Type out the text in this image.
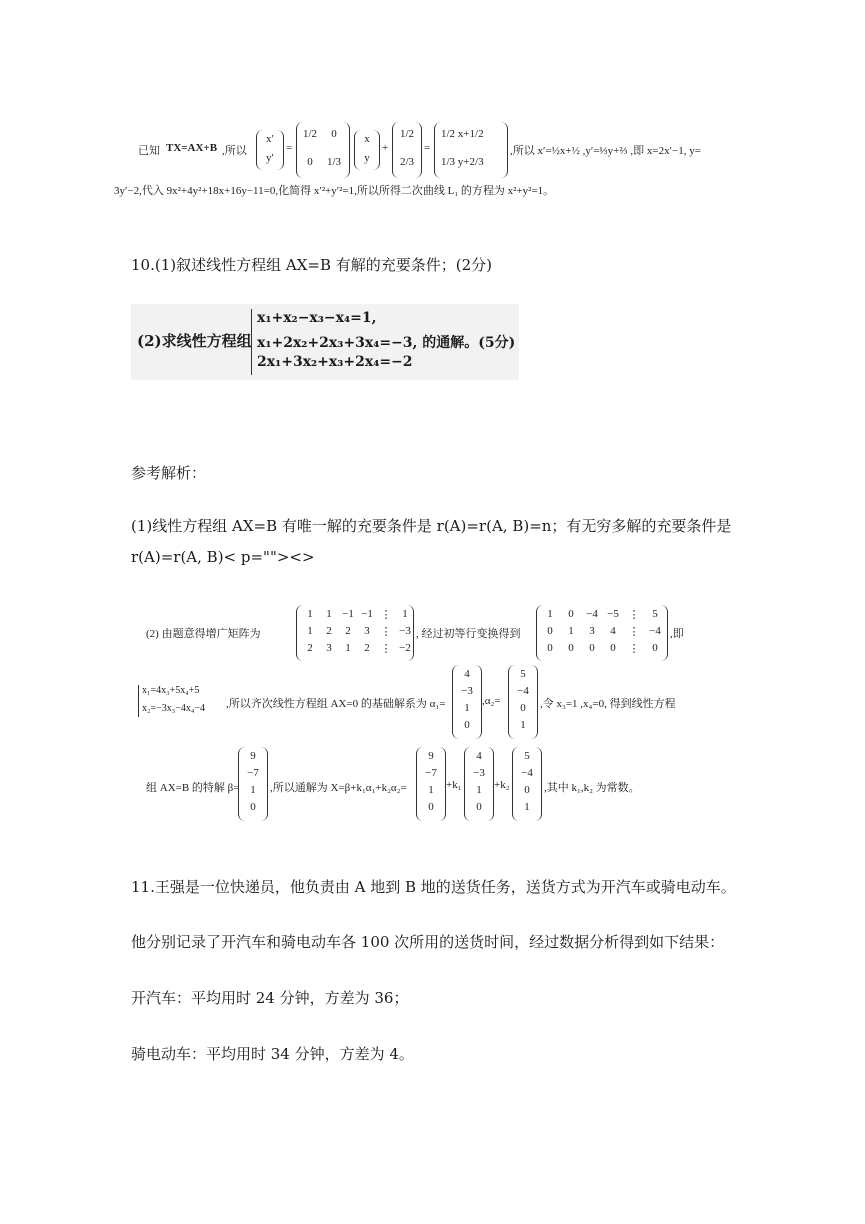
已知 TX=AX+B ,所以
x′
y′
=
1/2	0
0	1/3
x
y
+
1/2
2/3
=
1/2 x+1/2
1/3 y+2/3
,所以 x′=½x+½ ,y′=⅓y+⅔ ,即 x=2x′−1, y=
3y′−2,代入 9x²+4y²+18x+16y−11=0,化简得 x′²+y′²=1,所以所得二次曲线 L₁ 的方程为 x²+y²=1。
10.(1)叙述线性方程组 AX=B 有解的充要条件；(2分)
(2)求线性方程组
x₁+x₂−x₃−x₄=1,
x₁+2x₂+2x₃+3x₄=−3, 的通解。(5分)
2x₁+3x₂+x₃+2x₄=−2
参考解析：
(1)线性方程组 AX=B 有唯一解的充要条件是 r(A)=r(A, B)=n；有无穷多解的充要条件是
r(A)=r(A, B)< p=""><>
(2) 由题意得增广矩阵为
1	1 −1 −1 ⋮ 1
1	2	2	3 ⋮ −3
2	3	1	2 ⋮ −2
, 经过初等行变换得到
1	0	−4 −5 ⋮	5
0	1	3	4	⋮ −4
0	0	0	0	⋮	0
,即
x₁=4x₃+5x₄+5
x₂=−3x₃−4x₄−4 ,所以齐次线性方程组 AX=0 的基础解系为 α₁=
4
−3
1
0
,α₂=
5
−4
0
1
,令 x₃=1 ,x₄=0, 得到线性方程
组 AX=B 的特解 β=
9
−7
1
0
,所以通解为 X=β+k₁α₁+k₂α₂=
9
−7
1
0
+k₁
4
−3
1
0
+k₂
5
−4
0
1
,其中 k₁,k₂ 为常数。
11.王强是一位快递员，他负责由 A 地到 B 地的送货任务，送货方式为开汽车或骑电动车。
他分别记录了开汽车和骑电动车各 100 次所用的送货时间，经过数据分析得到如下结果：
开汽车：平均用时 24 分钟，方差为 36；
骑电动车：平均用时 34 分钟，方差为 4。
